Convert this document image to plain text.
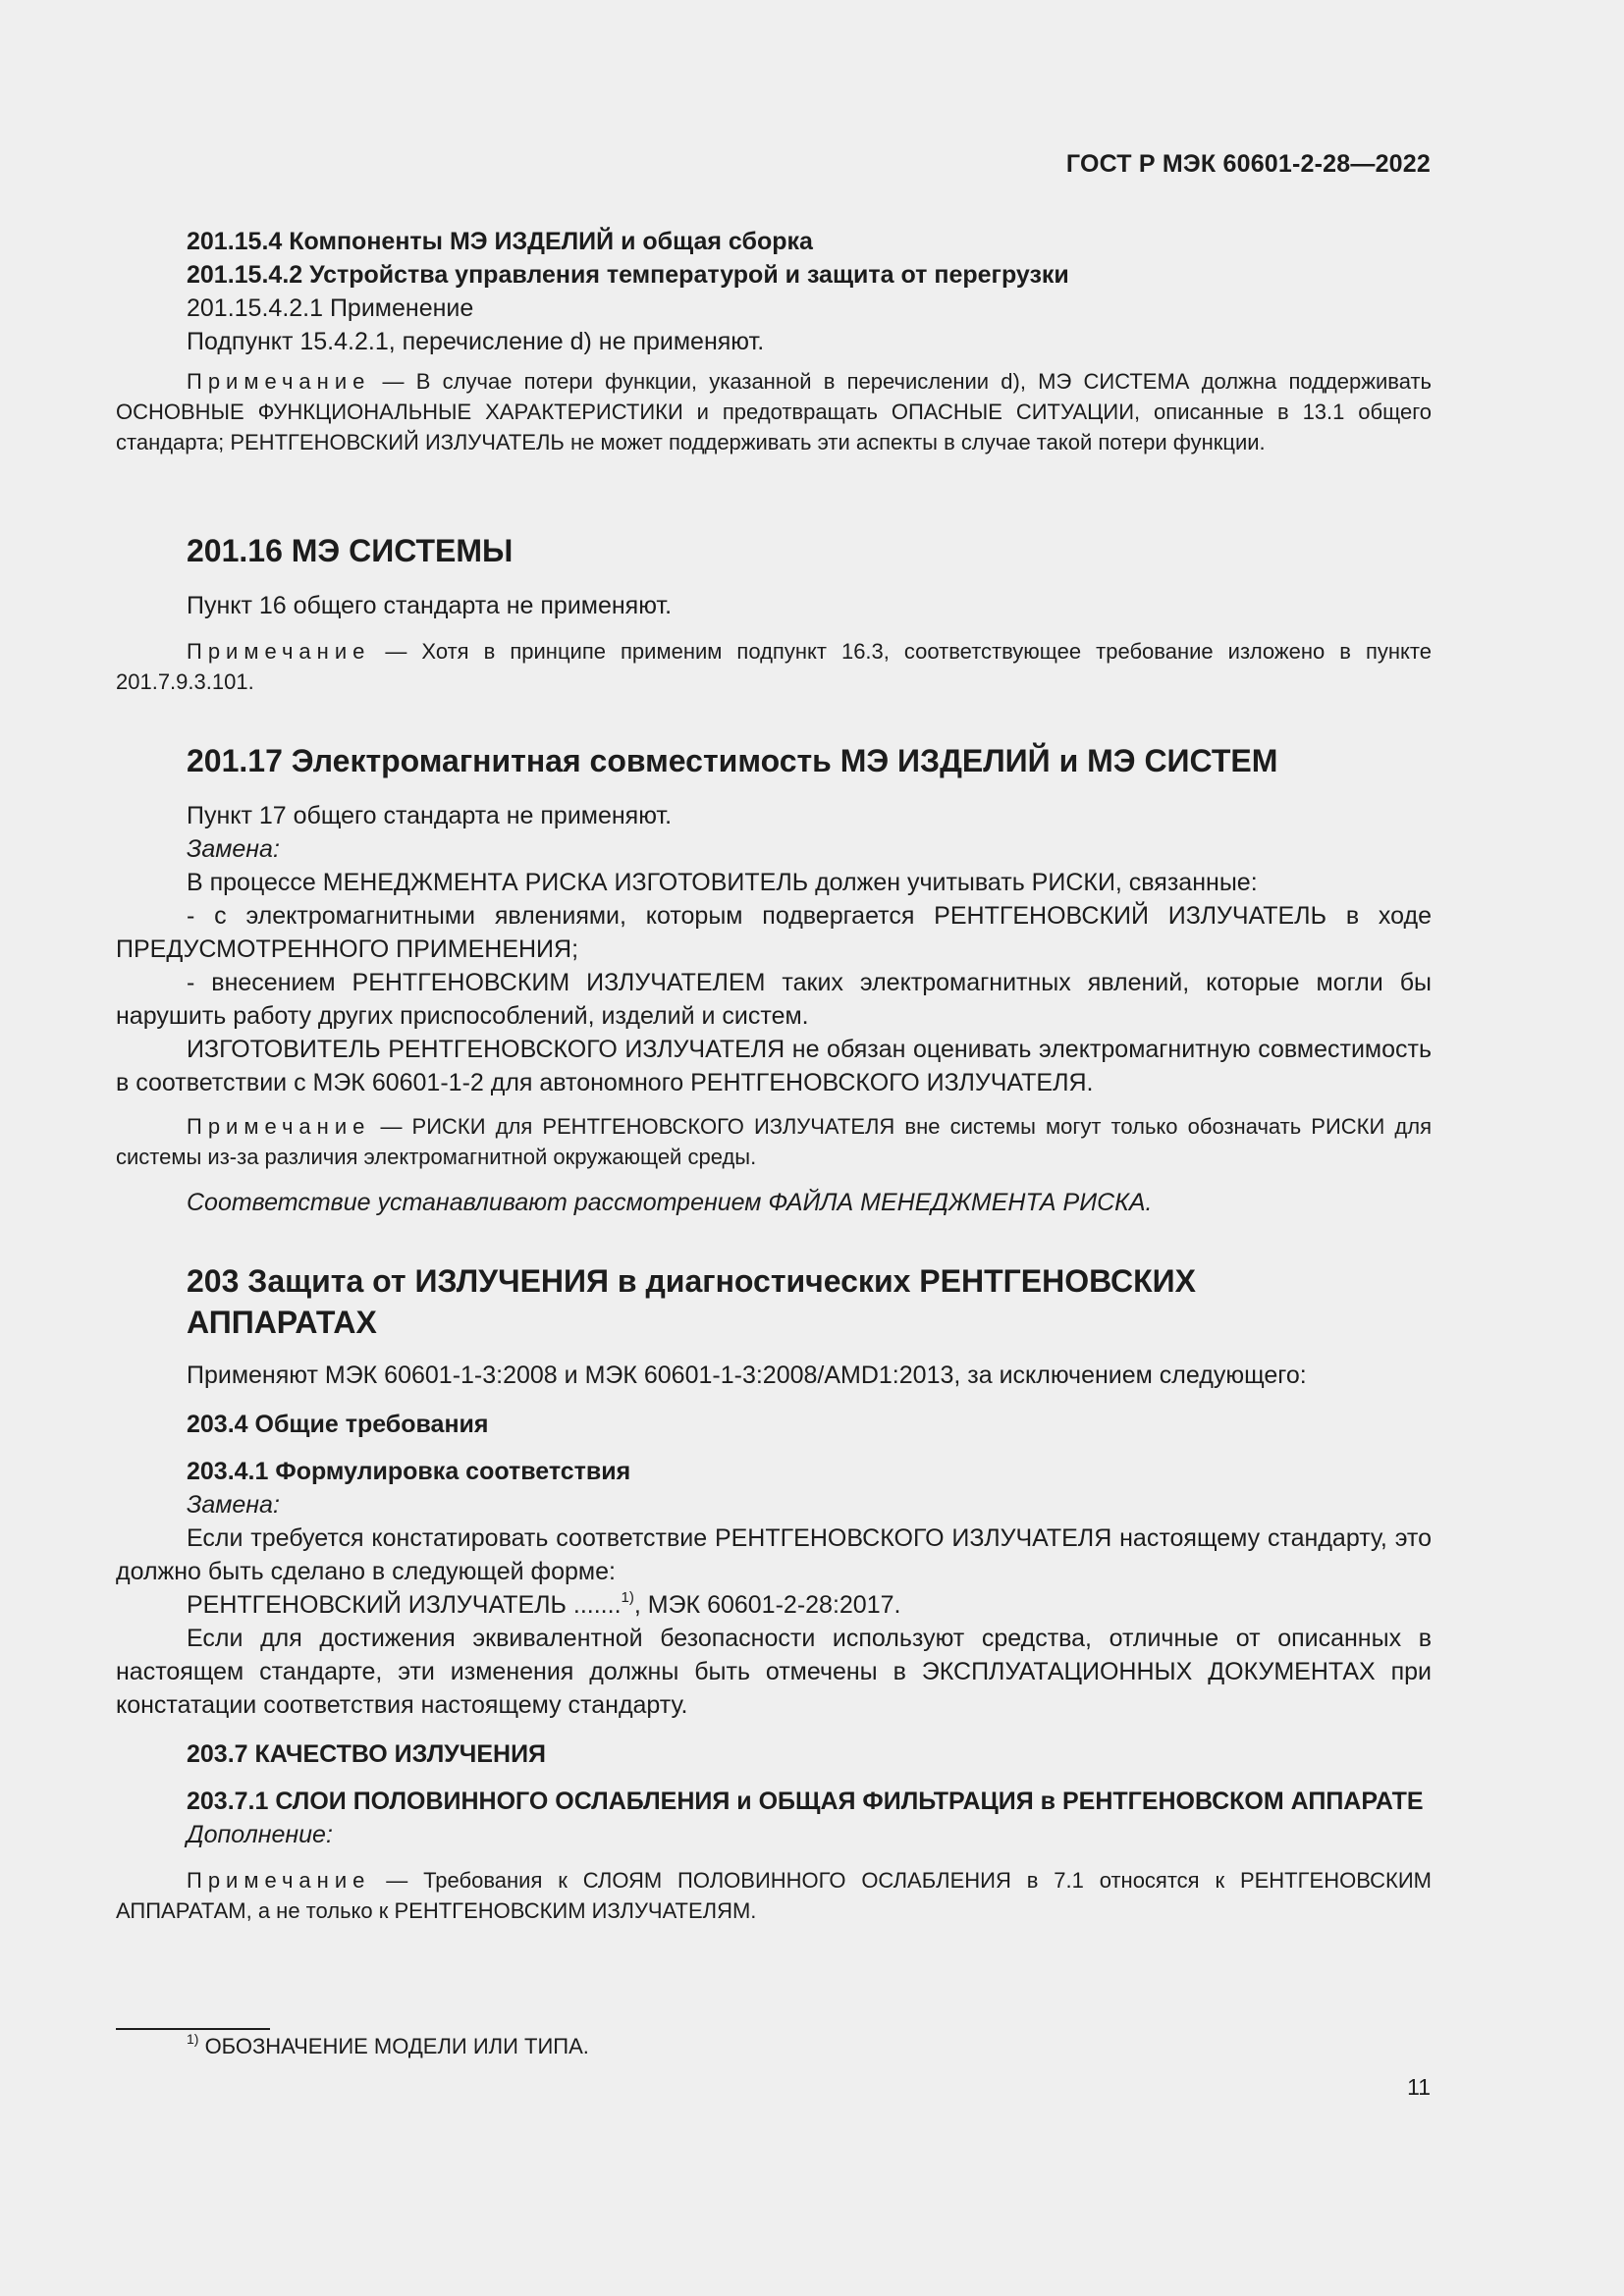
ГОСТ Р МЭК 60601-2-28—2022

201.15.4 Компоненты МЭ ИЗДЕЛИЙ и общая сборка

201.15.4.2 Устройства управления температурой и защита от перегрузки

201.15.4.2.1 Применение

Подпункт 15.4.2.1, перечисление d) не применяют.

Примечание — В случае потери функции, указанной в перечислении d), МЭ СИСТЕМА должна поддерживать ОСНОВНЫЕ ФУНКЦИОНАЛЬНЫЕ ХАРАКТЕРИСТИКИ и предотвращать ОПАСНЫЕ СИТУАЦИИ, описанные в 13.1 общего стандарта; РЕНТГЕНОВСКИЙ ИЗЛУЧАТЕЛЬ не может поддерживать эти аспекты в случае такой потери функции.

201.16 МЭ СИСТЕМЫ

Пункт 16 общего стандарта не применяют.

Примечание — Хотя в принципе применим подпункт 16.3, соответствующее требование изложено в пункте 201.7.9.3.101.

201.17 Электромагнитная совместимость МЭ ИЗДЕЛИЙ и МЭ СИСТЕМ

Пункт 17 общего стандарта не применяют.

Замена:

В процессе МЕНЕДЖМЕНТА РИСКА ИЗГОТОВИТЕЛЬ должен учитывать РИСКИ, связанные:

- с электромагнитными явлениями, которым подвергается РЕНТГЕНОВСКИЙ ИЗЛУЧАТЕЛЬ в ходе ПРЕДУСМОТРЕННОГО ПРИМЕНЕНИЯ;

- внесением РЕНТГЕНОВСКИМ ИЗЛУЧАТЕЛЕМ таких электромагнитных явлений, которые могли бы нарушить работу других приспособлений, изделий и систем.

ИЗГОТОВИТЕЛЬ РЕНТГЕНОВСКОГО ИЗЛУЧАТЕЛЯ не обязан оценивать электромагнитную совместимость в соответствии с МЭК 60601-1-2 для автономного РЕНТГЕНОВСКОГО ИЗЛУЧАТЕЛЯ.

Примечание — РИСКИ для РЕНТГЕНОВСКОГО ИЗЛУЧАТЕЛЯ вне системы могут только обозначать РИСКИ для системы из-за различия электромагнитной окружающей среды.

Соответствие устанавливают рассмотрением ФАЙЛА МЕНЕДЖМЕНТА РИСКА.

203 Защита от ИЗЛУЧЕНИЯ в диагностических РЕНТГЕНОВСКИХ АППАРАТАХ

Применяют МЭК 60601-1-3:2008 и МЭК 60601-1-3:2008/AMD1:2013, за исключением следующего:

203.4 Общие требования

203.4.1 Формулировка соответствия

Замена:

Если требуется констатировать соответствие РЕНТГЕНОВСКОГО ИЗЛУЧАТЕЛЯ настоящему стандарту, это должно быть сделано в следующей форме:

РЕНТГЕНОВСКИЙ ИЗЛУЧАТЕЛЬ .......$^{1)}$, МЭК 60601-2-28:2017.

Если для достижения эквивалентной безопасности используют средства, отличные от описанных в настоящем стандарте, эти изменения должны быть отмечены в ЭКСПЛУАТАЦИОННЫХ ДОКУМЕНТАХ при констатации соответствия настоящему стандарту.

203.7 КАЧЕСТВО ИЗЛУЧЕНИЯ

203.7.1 СЛОИ ПОЛОВИННОГО ОСЛАБЛЕНИЯ и ОБЩАЯ ФИЛЬТРАЦИЯ в РЕНТГЕНОВСКОМ АППАРАТЕ

Дополнение:

Примечание — Требования к СЛОЯМ ПОЛОВИННОГО ОСЛАБЛЕНИЯ в 7.1 относятся к РЕНТГЕНОВСКИМ АППАРАТАМ, а не только к РЕНТГЕНОВСКИМ ИЗЛУЧАТЕЛЯМ.

$^{1)}$ ОБОЗНАЧЕНИЕ МОДЕЛИ ИЛИ ТИПА.
11
